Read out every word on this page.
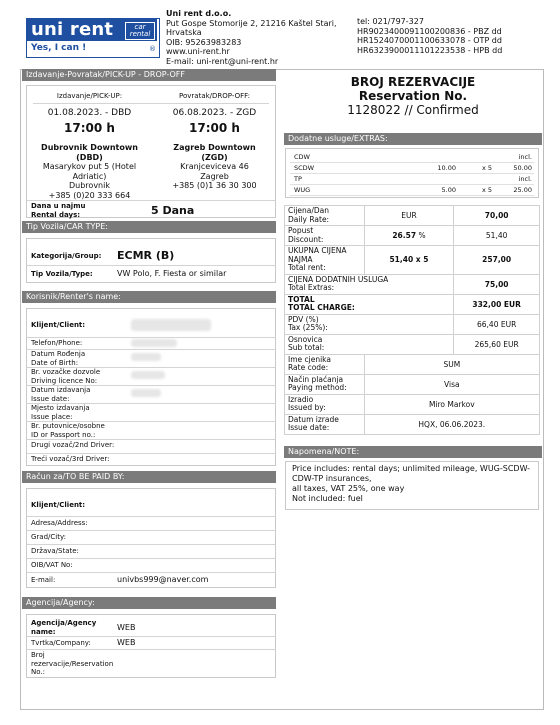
uni rent	car
rental
Yes, I can !	®
Uni rent d.o.o.
Put Gospe Stomorije 2, 21216 Kaštel Stari,
Hrvatska
OIB: 95263983283
www.uni-rent.hr
E-mail: uni-rent@uni-rent.hr
tel: 021/797-327
HR9023400091100200836 - PBZ dd
HR1524070001100633078 - OTP dd
HR6323900011101223538 - HPB dd
Izdavanje-Povratak/PICK-UP - DROP-OFF
Izdavanje/PICK-UP:	Povratak/DROP-OFF:
01.08.2023. - DBD	06.08.2023. - ZGD
17:00 h	17:00 h
Dubrovnik Downtown
(DBD)
Masarykov put 5 (Hotel
Adriatic)
Dubrovnik
+385 (0)20 333 664
Zagreb Downtown
(ZGD)
Kranjceviceva 46
Zagreb
+385 (0)1 36 30 300
Dana u najmu
Rental days:	5 Dana
BROJ REZERVACIJE
Reservation No.
1128022 // Confirmed
Tip Vozila/CAR TYPE:
Kategorija/Group: ECMR (B)
Tip Vozila/Type:	VW Polo, F. Fiesta or similar
Dodatne usluge/EXTRAS:
CDW	incl.
SCDW	10.00	x 5	50.00
TP	incl.
WUG	5.00	x 5	25.00
Cijena/Dan
Daily Rate:	EUR	70,00

Popust
Discount:	26.57 %	51,40

UKUPNA CIJENA
NAJMA
Total rent:	51,40 x 5	257,00

CIJENA DODATNIH USLUGA
Total Extras:		75,00

TOTAL
TOTAL CHARGE:		332,00 EUR

PDV (%)
Tax (25%):		66,40 EUR

Osnovica
Sub total:		265,60 EUR

Ime cjenika
Rate code:	SUM	

Način plaćanja
Paying method:	Visa	

Izradio
Issued by:	Miro Markov	

Datum izrade
Issue date:	HQX, 06.06.2023.	
Korisnik/Renter's name:
Klijent/Client:
Telefon/Phone:
Datum Rođenja
Date of Birth:
Br. vozačke dozvole
Driving licence No:
Datum izdavanja
Issue date:
Mjesto izdavanja
Issue place:
Br. putovnice/osobne
ID or Passport no.:
Drugi vozač/2nd Driver:
Treći vozač/3rd Driver:
Napomena/NOTE:
Price includes: rental days; unlimited mileage, WUG-SCDW-
CDW-TP insurances,
all taxes, VAT 25%, one way
Not included: fuel
Račun za/TO BE PAID BY:
Klijent/Client:
Adresa/Address:
Grad/City:
Država/State:
OIB/VAT No:
E-mail:	univbs999@naver.com
Agencija/Agency:
Agencija/Agency
name:	WEB
Tvrtka/Company:	WEB
Broj
rezervacije/Reservation
No.:
